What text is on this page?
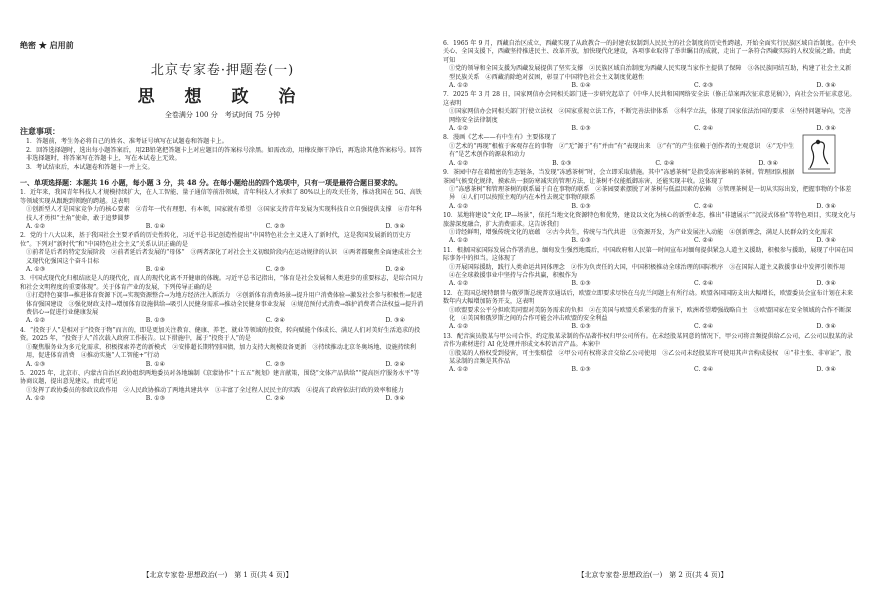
绝密 ★ 启用前
北京专家卷·押题卷(一)
思 想 政 治
全卷满分 100 分　考试时间 75 分钟
注意事项：
1．答题前，考生务必将自己的姓名、准考证号填写在试题卷和答题卡上。
2．回答选择题时，选出每小题答案后，用2B铅笔把答题卡上对应题目的答案标号涂黑。如需改动，用橡皮擦干净后，再选涂其他答案标号。回答非选择题时，将答案写在答题卡上，写在本试卷上无效。
3．考试结束后，本试题卷和答题卡一并上交。
一、单项选择题：本题共 16 小题，每小题 3 分，共 48 分。在每小题给出的四个选项中，只有一项是最符合题目要求的。
1．近年来，我国青年科技人才规模持续扩大，在人工智能、量子通信等前沿领域，青年科技人才承担了 80%以上的攻关任务，推动我国在 5G、高铁等领域实现从跟跑到领跑的跨越。这表明
①创新型人才是国家竞争力的核心要素　②青年一代有理想、有本领，国家就有希望　③国家支持青年发展为实现科技自立自强提供支撑　④青年科技人才勇担“主角”使命，敢于追梦圆梦
A. ①②	B. ①④	C. ②③	D. ③④
2．党的十八大以来，基于我国社会主要矛盾的历史性转化，习近平总书记创造性提出“中国特色社会主义进入了新时代，这是我国发展新的历史方位”。下列对“新时代”和“中国特色社会主义”关系认识正确的是
①前者是后者的特定发展阶段　②前者延后者发展的“母体”　③两者深化了对社会主义初级阶段内在运动规律的认识　④两者都聚焦全面建成社会主义现代化强国这个奋斗目标
A. ①③	B. ①④	C. ②③	D. ②④
3．中国式现代化归根结底是人的现代化，而人的现代化离不开健康的体魄。习近平总书记指出，“体育是社会发展和人类进步的重要标志，是综合国力和社会文明程度的重要体现”。关于体育产业的发展，下列传导正确的是
①打造特色赛事→推进体育资源下沉→实现资源整合→为地方经济注入新活力　②创新体育消费场景→提升用户消费体验→激发社会参与积极性→促进体育强国建设　③强化财政支持→增加体育设施供给→吸引人民健身需求→推动全民健身事业发展　④规范预付式消费→维护消费者合法权益→提升消费信心→促进行业健康发展
A. ①②	B. ①③	C. ②④	D. ③④
4．“投资于人”是相对于“投资于物”而言的，即是更加关注教育、健康、养老、就业等领域的投资，转向赋能个体成长、满足人们对美好生活追求的投资。2025 年，“投资于人”首次载入政府工作报告。以下措施中，属于“投资于人”的是
①聚焦服务业为多元化需求，积极探索养老的新模式　②安排超长期特别国债，加力支持大规模设备更新　③持续推动北京冬奥场地、设施持续利用，促进体育消费　④推动实施“人工智能+”行动
A. ①③	B. ①④	C. ②③	D. ②④
5．2025 年，北京市、内蒙古自治区政协组织两地委员对各地编制《京蒙协作“十五五”规划》建言献策，围绕“文体产品供给”“提高医疗服务水平”等协商议题，提出意见建议。由此可见
①发挥了政协委员的参政议政作用　②人民政协推动了两地共建共享　③丰富了全过程人民民主的实践　④提高了政府依法行政的效率和能力
A. ①②	B. ①③	C. ②④	D. ③④
【北京专家卷·思想政治(一)　第 1 页(共 4 页)】
6．1965 年 9 月，西藏自治区成立，西藏实现了从政教合一的封建农奴制到人民民主的社会制度的历史性跨越，开始全面实行民族区域自治制度。在中央关心、全国支援下，西藏坚持推进民主、改革开放，加快现代化建设，各项事业取得了举世瞩目的成就，走出了一条符合西藏实际的人权发展之路。由此可知
①党的领导和全国支援为西藏发展提供了坚实支撑　②民族区域自治制度为西藏人民实现当家作主提供了保障　③各民族同结互助，构建了社会主义新型民族关系　④西藏消除绝对贫困，彰显了中国特色社会主义制度优越性
A. ①②	B. ①④	C. ②③	D. ③④
7．2025 年 3 月 28 日，国家网信办会同相关部门进一步研究起草了《中华人民共和国网络安全法（修正草案再次征求意见稿）》，向社会公开征求意见。这表明
①国家网信办会同相关部门行使立法权　②国家重视立法工作，不断完善法律体系　③科学立法，体现了国家依法治国的要求　④坚持问题导向，完善网络安全法律制度
A. ①②	B. ①③	C. ②④	D. ③④
8．漫画《艺术——有中生有》主要体现了
①艺术的“再现”根植于客观存在的事物　②“无”源于“有”并由“有”表现出来　③“有”的产生依赖于创作者的主观意识　④“无中生有”是艺术创作的源泉和动力
A. ①②	B. ①③	C. ②④	D. ③④
9．茶园中存在着精密的生态链条，当发现“冻感茶树”时，会立即采取措施。其中“冻感茶树”是指受冻害影响的茶树。管理团队根据茶园气候变化规律，摸索出一套防寒减灾的管理方法，让茶树不仅能抵御冻害，还能实现丰收。这体现了
①“冻感茶树”和管理茶树的联系属于自在事物的联系　②茶园要素摆脱了对茶树与低温因素的依赖　③管理茶树是一切从实际出发，把握事物的个体差异　④人们可以按照主观的内在本性去规定事物的联系
A. ①②	B. ①③	C. ②④	D. ③④
10．某地将建设“文化 IP—场景”，依托当地文化资源特色和优势，建设以文化为核心的新型业态，推出“非遗展示”“沉浸式体验”等特色项目，实现文化与旅游深度融合，扩大消费需求。这告诉我们
①诗经鲜明，增强传统文化的底蕴　②古今共生，传统与当代共进　③资源开发，为产业发展注入动能　④创新理念，满足人民群众的文化需求
A. ①②	B. ①③	C. ②④	D. ③④
11．根据国家国际发展合作署消息，缅甸发生强烈地震后，中国政府和人民第一时间宣布对缅甸提供紧急人道主义援助，积极参与援助，展现了中国在国际事务中的担当。这体现了
①开展国际援助，践行人类命运共同体理念　②作为负责任的大国，中国积极推动全球治理的国际秩序　③在国际人道主义救援事业中发挥引领作用　④在全球救援事业中坚持与合作共赢，积极作为
A. ①②	B. ①③	C. ②④	D. ③④
12．在美国总统特朗普与俄罗斯总统普京通话后，欧盟立即要求尽快在乌克兰问题上有所行动。欧盟各国国防支出大幅增长，欧盟委员会宣布计划在未来数年内大幅增加防务开支，这表明
①欧盟要求公平分担欧美同盟对美防务需求的负担　②在美国与欧盟关系紧张的背景下，欧洲希望增强战略自主　③欧盟国家在安全领域的合作不断深化　④美国和俄罗斯之间的合作可能会冲击欧盟的安全利益
A. ①②	B. ①③	C. ②④	D. ③④
13．配音演员股某与甲公司合作，约定股某录制的作品著作权归甲公司所有。在未经股某同意的情况下，甲公司将音频提供给乙公司，乙公司以股某的录音作为素材进行 AI 化处理并形成文本转语音产品。本案中
①股某的人格权受到侵害，可主张赔偿　②甲公司有权将录音交给乙公司使用　③乙公司未经股某许可使用其声音构成侵权　④“非主张、非审证”，股某录制的音频是其作品
A. ①②	B. ①③	C. ②④	D. ③④
【北京专家卷·思想政治(一)　第 2 页(共 4 页)】
